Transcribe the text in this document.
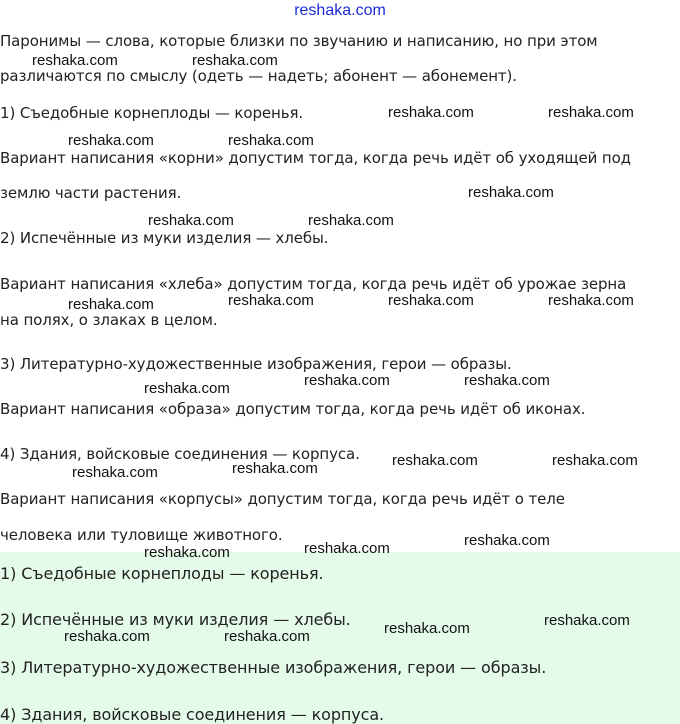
reshaka.com
Паронимы — слова, которые близки по звучанию и написанию, но при этом
различаются по смыслу (одеть — надеть; абонент — абонемент).
1) Съедобные корнеплоды — коренья.
Вариант написания «корни» допустим тогда, когда речь идёт об уходящей под
землю части растения.
2) Испечённые из муки изделия — хлебы.
Вариант написания «хлеба» допустим тогда, когда речь идёт об урожае зерна
на полях, о злаках в целом.
3) Литературно-художественные изображения, герои — образы.
Вариант написания «образа» допустим тогда, когда речь идёт об иконах.
4) Здания, войсковые соединения — корпуса.
Вариант написания «корпусы» допустим тогда, когда речь идёт о теле
человека или туловище животного.
1) Съедобные корнеплоды — коренья.
2) Испечённые из муки изделия — хлебы.
3) Литературно-художественные изображения, герои — образы.
4) Здания, войсковые соединения — корпуса.
reshaka.com	reshaka.com
reshaka.com	reshaka.com
reshaka.com	reshaka.com
reshaka.com
reshaka.com	reshaka.com
reshaka.com	reshaka.com	reshaka.com
reshaka.com
reshaka.com	reshaka.com
reshaka.com
reshaka.com	reshaka.com
reshaka.com
reshaka.com
reshaka.com
reshaka.com
reshaka.com
reshaka.com
reshaka.com
reshaka.com	reshaka.com
